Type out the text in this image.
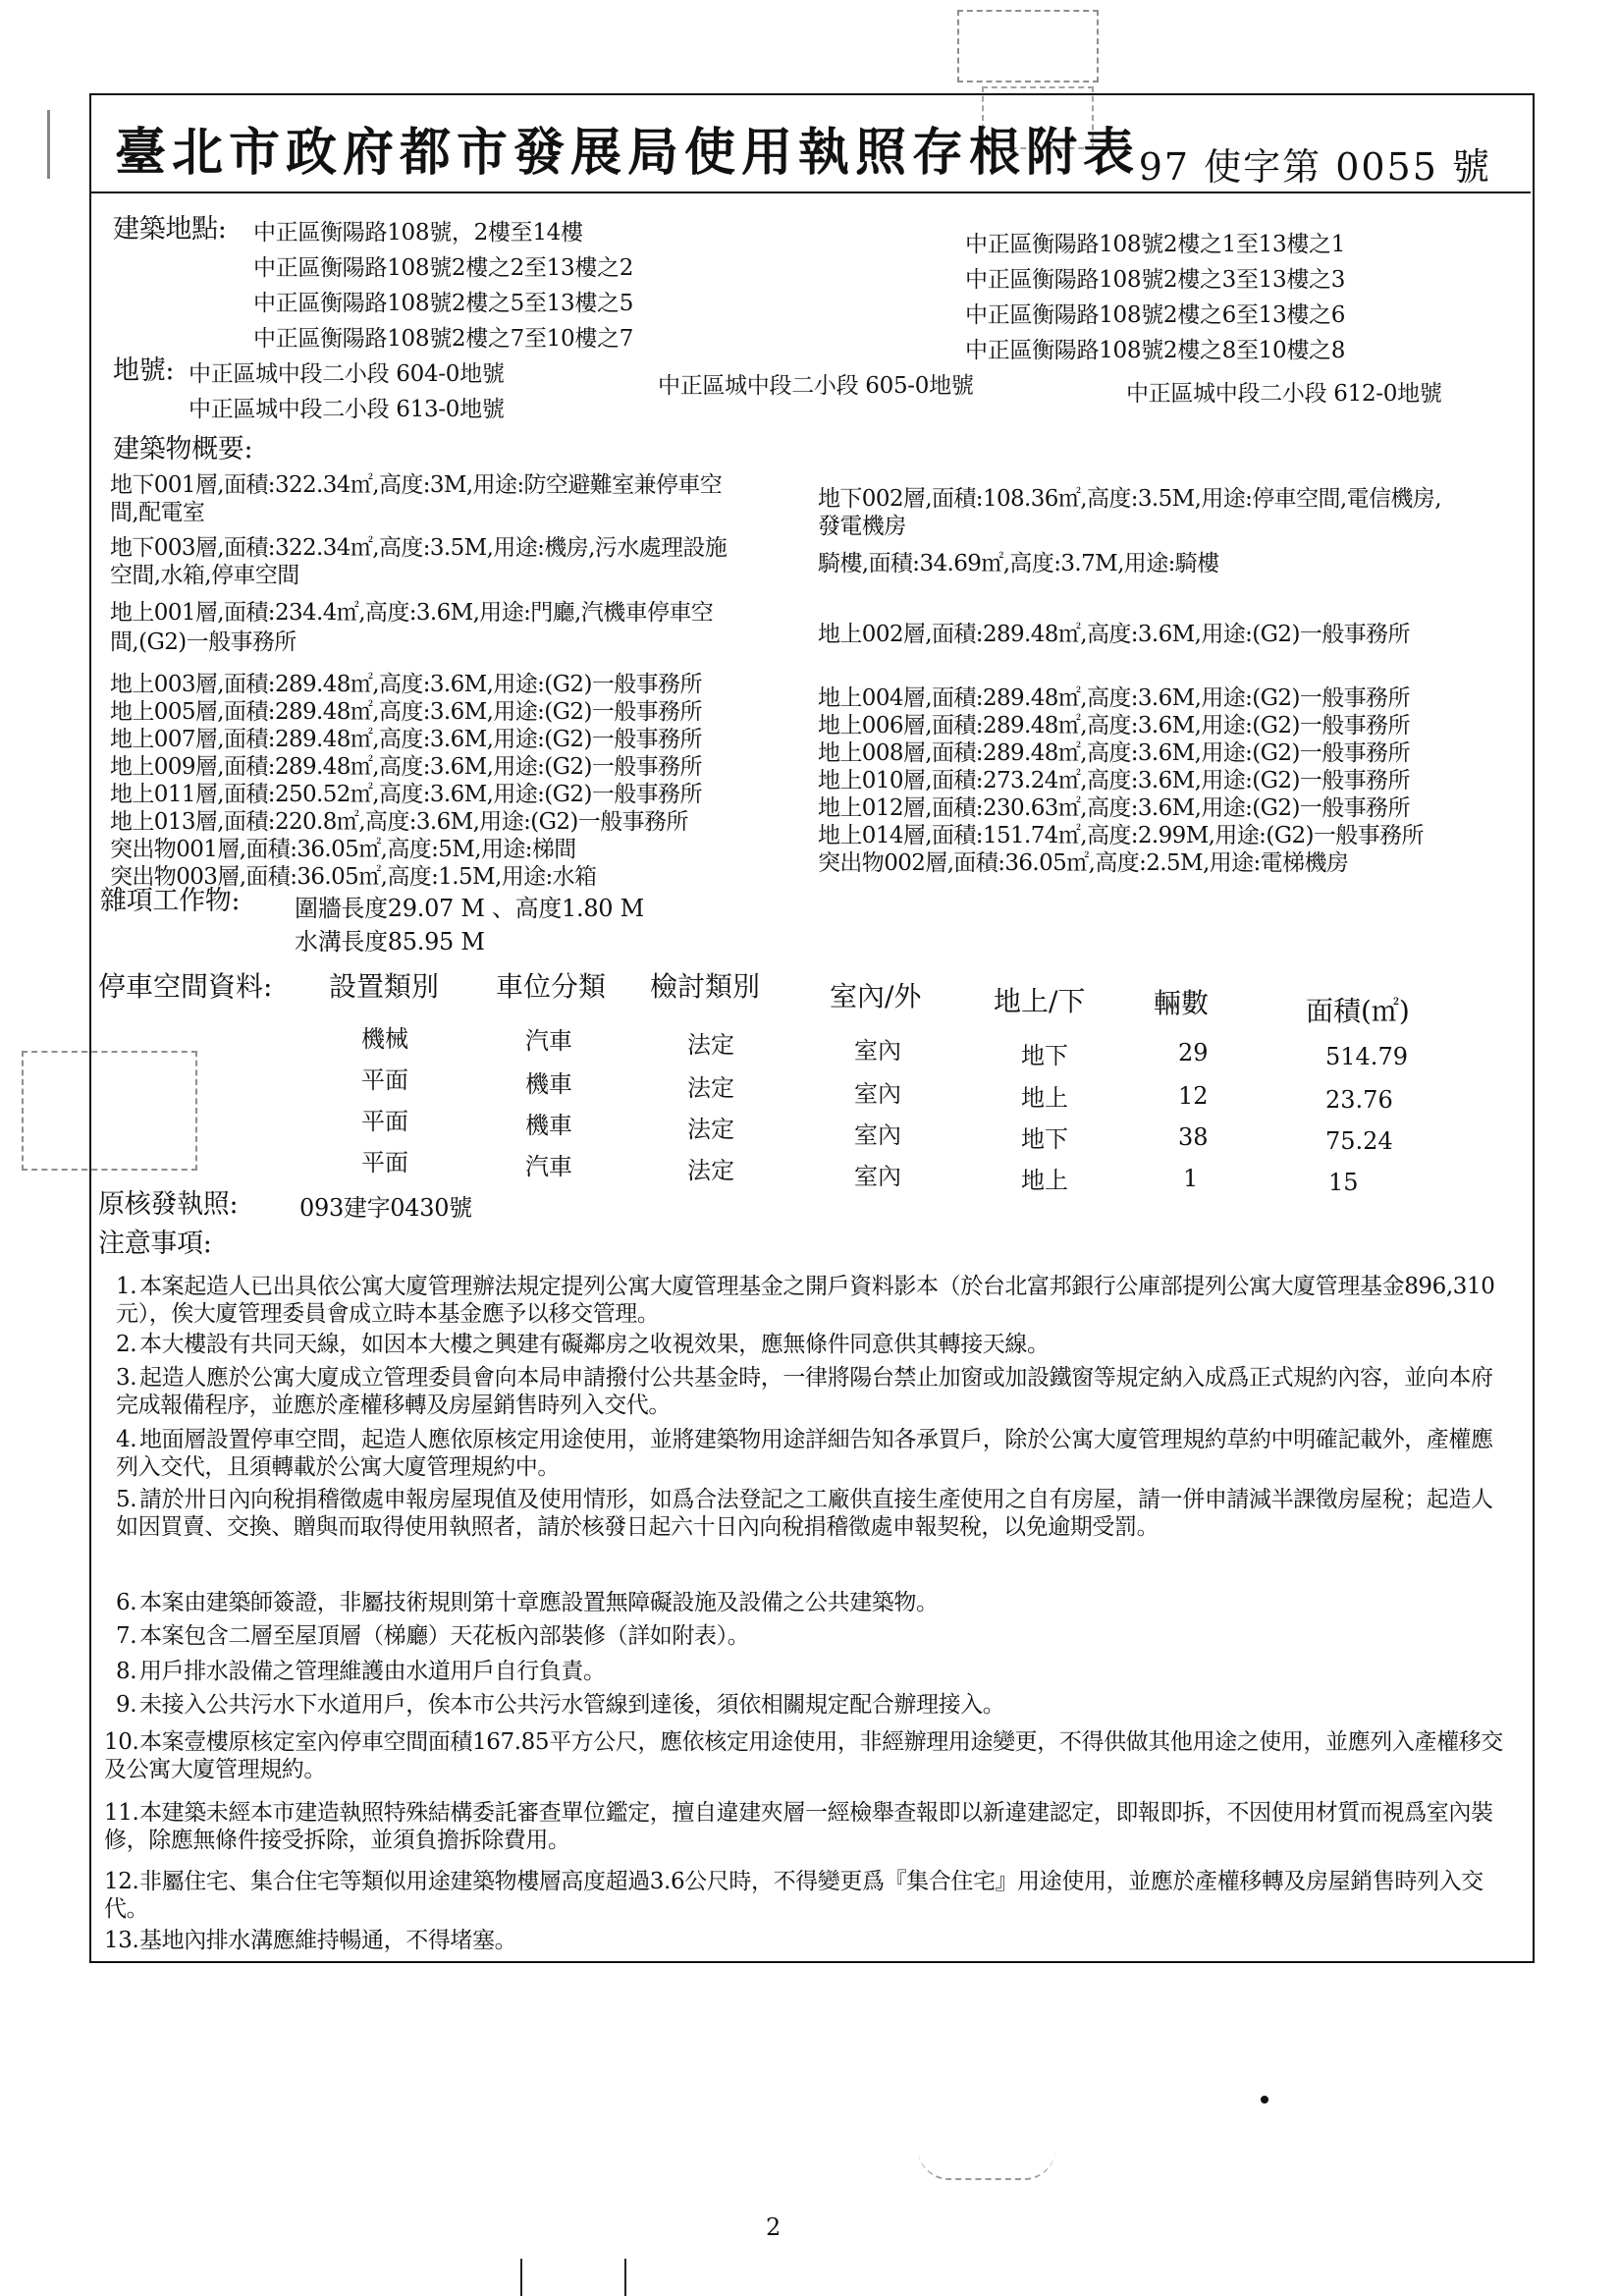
臺北市政府都市發展局使用執照存根附表
97 使字第 0055 號
建築地點: 中正區衡陽路108號，2樓至14樓
中正區衡陽路108號2樓之2至13樓之2
中正區衡陽路108號2樓之5至13樓之5
中正區衡陽路108號2樓之7至10樓之7
中正區衡陽路108號2樓之1至13樓之1
中正區衡陽路108號2樓之3至13樓之3
中正區衡陽路108號2樓之6至13樓之6
中正區衡陽路108號2樓之8至10樓之8
地號: 中正區城中段二小段 604-0地號	中正區城中段二小段 605-0地號	中正區城中段二小段 612-0地號
中正區城中段二小段 613-0地號
建築物概要:
地下001層,面積:322.34㎡,高度:3M,用途:防空避難室兼停車空
間,配電室
地下002層,面積:108.36㎡,高度:3.5M,用途:停車空間,電信機房,
發電機房
地下003層,面積:322.34㎡,高度:3.5M,用途:機房,污水處理設施
空間,水箱,停車空間	騎樓,面積:34.69㎡,高度:3.7M,用途:騎樓
地上001層,面積:234.4㎡,高度:3.6M,用途:門廳,汽機車停車空
間,(G2)一般事務所	地上002層,面積:289.48㎡,高度:3.6M,用途:(G2)一般事務所
地上003層,面積:289.48㎡,高度:3.6M,用途:(G2)一般事務所
地上005層,面積:289.48㎡,高度:3.6M,用途:(G2)一般事務所
地上007層,面積:289.48㎡,高度:3.6M,用途:(G2)一般事務所
地上009層,面積:289.48㎡,高度:3.6M,用途:(G2)一般事務所
地上011層,面積:250.52㎡,高度:3.6M,用途:(G2)一般事務所
地上013層,面積:220.8㎡,高度:3.6M,用途:(G2)一般事務所
突出物001層,面積:36.05㎡,高度:5M,用途:梯間
突出物003層,面積:36.05㎡,高度:1.5M,用途:水箱
地上004層,面積:289.48㎡,高度:3.6M,用途:(G2)一般事務所
地上006層,面積:289.48㎡,高度:3.6M,用途:(G2)一般事務所
地上008層,面積:289.48㎡,高度:3.6M,用途:(G2)一般事務所
地上010層,面積:273.24㎡,高度:3.6M,用途:(G2)一般事務所
地上012層,面積:230.63㎡,高度:3.6M,用途:(G2)一般事務所
地上014層,面積:151.74㎡,高度:2.99M,用途:(G2)一般事務所
突出物002層,面積:36.05㎡,高度:2.5M,用途:電梯機房
雜項工作物: 圍牆長度29.07 M 、高度1.80 M
水溝長度85.95 M
停車空間資料: 設置類別 車位分類 檢討類別	室內/外	地上/下 輛數	面積(㎡)
機械	汽車	法定	室內	地下	29	514.79
平面	機車	法定	室內	地上	12	23.76
平面	機車	法定	室內	地下	38	75.24
平面	汽車	法定	室內	地上	1	15
原核發執照:	093建字0430號
注意事項:
1. 本案起造人已出具依公寓大廈管理辦法規定提列公寓大廈管理基金之開戶資料影本（於台北富邦銀行公庫部提列公寓大廈管理基金896,310元），俟大廈管理委員會成立時本基金應予以移交管理。
2. 本大樓設有共同天線，如因本大樓之興建有礙鄰房之收視效果，應無條件同意供其轉接天線。
3. 起造人應於公寓大廈成立管理委員會向本局申請撥付公共基金時，一律將陽台禁止加窗或加設鐵窗等規定納入成爲正式規約內容，並向本府完成報備程序，並應於產權移轉及房屋銷售時列入交代。
4. 地面層設置停車空間，起造人應依原核定用途使用，並將建築物用途詳細告知各承買戶，除於公寓大廈管理規約草約中明確記載外，產權應列入交代，且須轉載於公寓大廈管理規約中。
5. 請於卅日內向稅捐稽徵處申報房屋現值及使用情形，如爲合法登記之工廠供直接生產使用之自有房屋，請一併申請減半課徵房屋稅；起造人如因買賣、交換、贈與而取得使用執照者，請於核發日起六十日內向稅捐稽徵處申報契稅，以免逾期受罰。
6. 本案由建築師簽證，非屬技術規則第十章應設置無障礙設施及設備之公共建築物。
7. 本案包含二層至屋頂層（梯廳）天花板內部裝修（詳如附表）。
8. 用戶排水設備之管理維護由水道用戶自行負責。
9. 未接入公共污水下水道用戶，俟本市公共污水管線到達後，須依相關規定配合辦理接入。
10.本案壹樓原核定室內停車空間面積167.85平方公尺，應依核定用途使用，非經辦理用途變更，不得供做其他用途之使用，並應列入產權移交及公寓大廈管理規約。
11.本建築未經本市建造執照特殊結構委託審查單位鑑定，擅自違建夾層一經檢舉查報即以新違建認定，即報即拆，不因使用材質而視爲室內裝修，除應無條件接受拆除，並須負擔拆除費用。
12.非屬住宅、集合住宅等類似用途建築物樓層高度超過3.6公尺時，不得變更爲『集合住宅』用途使用，並應於產權移轉及房屋銷售時列入交代。
13.基地內排水溝應維持暢通，不得堵塞。
2
